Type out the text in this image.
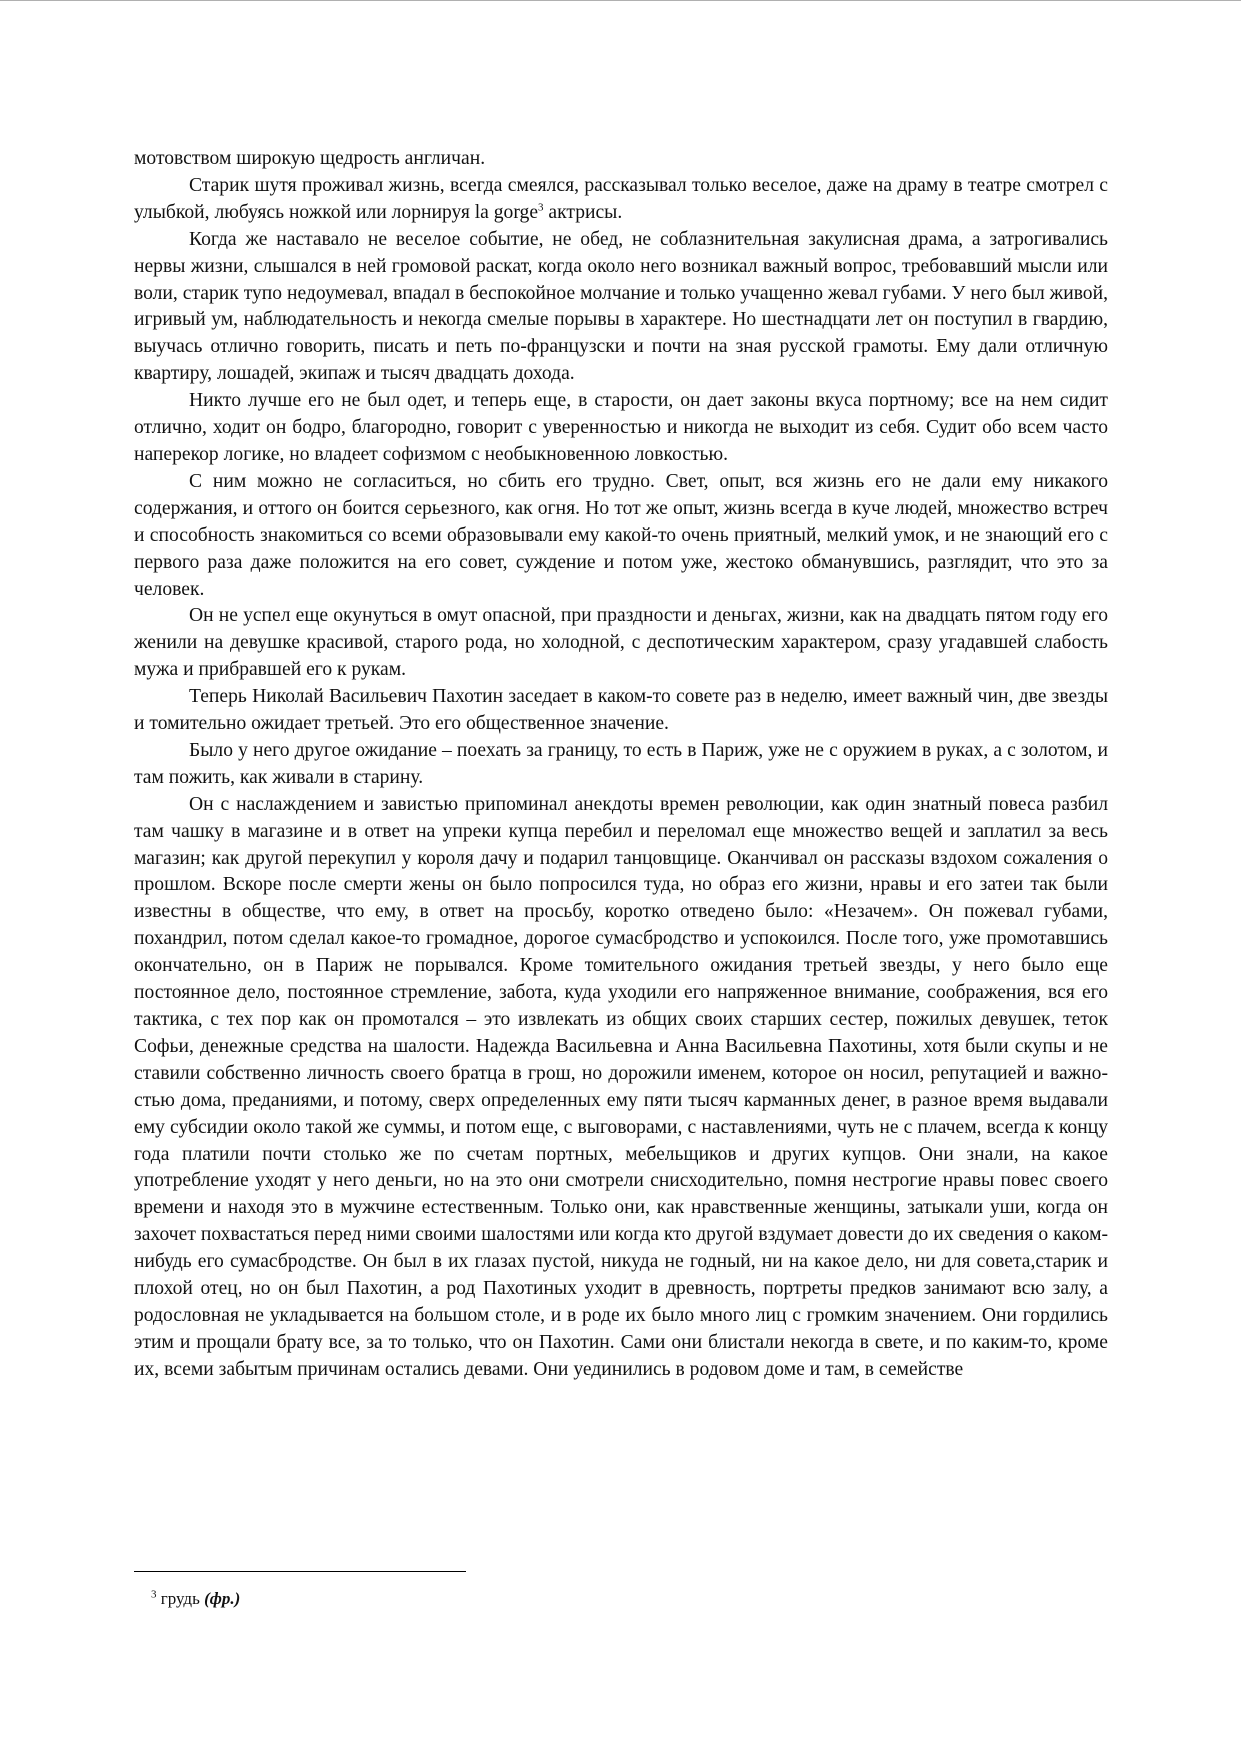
мотовством широкую щедрость англичан.

Старик шутя проживал жизнь, всегда смеялся, рассказывал только веселое, даже на драму в театре смотрел с улыбкой, любуясь ножкой или лорнируя la gorge$^3$ актрисы.

Когда же наставало не веселое событие, не обед, не соблазнительная закулисная драма, а затрогивались нервы жизни, слышался в ней громовой раскат, когда около него возникал важный вопрос, требовавший мысли или воли, старик тупо недоумевал, впадал в беспокойное молчание и только учащенно жевал губами. У него был живой, игривый ум, наблюдательность и некогда смелые порывы в характере. Но шестнадцати лет он поступил в гвардию, выучась отлично говорить, писать и петь по-французски и почти на зная русской грамоты. Ему дали отличную квартиру, лошадей, экипаж и тысяч двадцать дохода.

Никто лучше его не был одет, и теперь еще, в старости, он дает законы вкуса портному; все на нем сидит отлично, ходит он бодро, благородно, говорит с уверенностью и никогда не выходит из себя. Судит обо всем часто наперекор логике, но владеет софизмом с необыкновенною ловкостью.

С ним можно не согласиться, но сбить его трудно. Свет, опыт, вся жизнь его не дали ему никакого содержания, и оттого он боится серьезного, как огня. Но тот же опыт, жизнь всегда в куче людей, множество встреч и способность знакомиться со всеми образовывали ему какой-то очень приятный, мелкий умок, и не знающий его с первого раза даже положится на его совет, суждение и потом уже, жестоко обманувшись, разглядит, что это за человек.

Он не успел еще окунуться в омут опасной, при праздности и деньгах, жизни, как на двадцать пятом году его женили на девушке красивой, старого рода, но холодной, с деспотическим характером, сразу угадавшей слабость мужа и прибравшей его к рукам.

Теперь Николай Васильевич Пахотин заседает в каком-то совете раз в неделю, имеет важный чин, две звезды и томительно ожидает третьей. Это его общественное значение.

Было у него другое ожидание – поехать за границу, то есть в Париж, уже не с оружием в руках, а с золотом, и там пожить, как живали в старину.

Он с наслаждением и завистью припоминал анекдоты времен революции, как один знатный повеса разбил там чашку в магазине и в ответ на упреки купца перебил и переломал еще множество вещей и заплатил за весь магазин; как другой перекупил у короля дачу и подарил танцовщице. Оканчивал он рассказы вздохом сожаления о прошлом. Вскоре после смерти жены он было попросился туда, но образ его жизни, нравы и его затеи так были известны в обществе, что ему, в ответ на просьбу, коротко отведено было: «Незачем». Он пожевал губами, похандрил, потом сделал какое-то громадное, дорогое сумасбродство и успокоился. После того, уже промотавшись окончательно, он в Париж не порывался. Кроме томительного ожидания третьей звезды, у него было еще постоянное дело, постоянное стремление, забота, куда уходили его напряженное внимание, соображения, вся его тактика, с тех пор как он промотался – это извлекать из общих своих старших сестер, пожилых девушек, теток Софьи, денежные средства на шалости. Надежда Васильевна и Анна Васильевна Пахотины, хотя были скупы и не ставили собственно личность своего братца в грош, но дорожили именем, которое он носил, репутацией и важностью дома, преданиями, и потому, сверх определенных ему пяти тысяч карманных денег, в разное время выдавали ему субсидии около такой же суммы, и потом еще, с выговорами, с наставлениями, чуть не с плачем, всегда к концу года платили почти столько же по счетам портных, мебельщиков и других купцов. Они знали, на какое употребление уходят у него деньги, но на это они смотрели снисходительно, помня нестрогие нравы повес своего времени и находя это в мужчине естественным. Только они, как нравственные женщины, затыкали уши, когда он захочет похвастаться перед ними своими шалостями или когда кто другой вздумает довести до их сведения о каком-нибудь его сумасбродстве. Он был в их глазах пустой, никуда не годный, ни на какое дело, ни для совета,старик и плохой отец, но он был Пахотин, а род Пахотиных уходит в древность, портреты предков занимают всю залу, а родословная не укладывается на большом столе, и в роде их было много лиц с громким значением. Они гордились этим и прощали брату все, за то только, что он Пахотин. Сами они блистали некогда в свете, и по каким-то, кроме их, всеми забытым причинам остались девами. Они уединились в родовом доме и там, в семействе

$^3$ грудь (фр.)
